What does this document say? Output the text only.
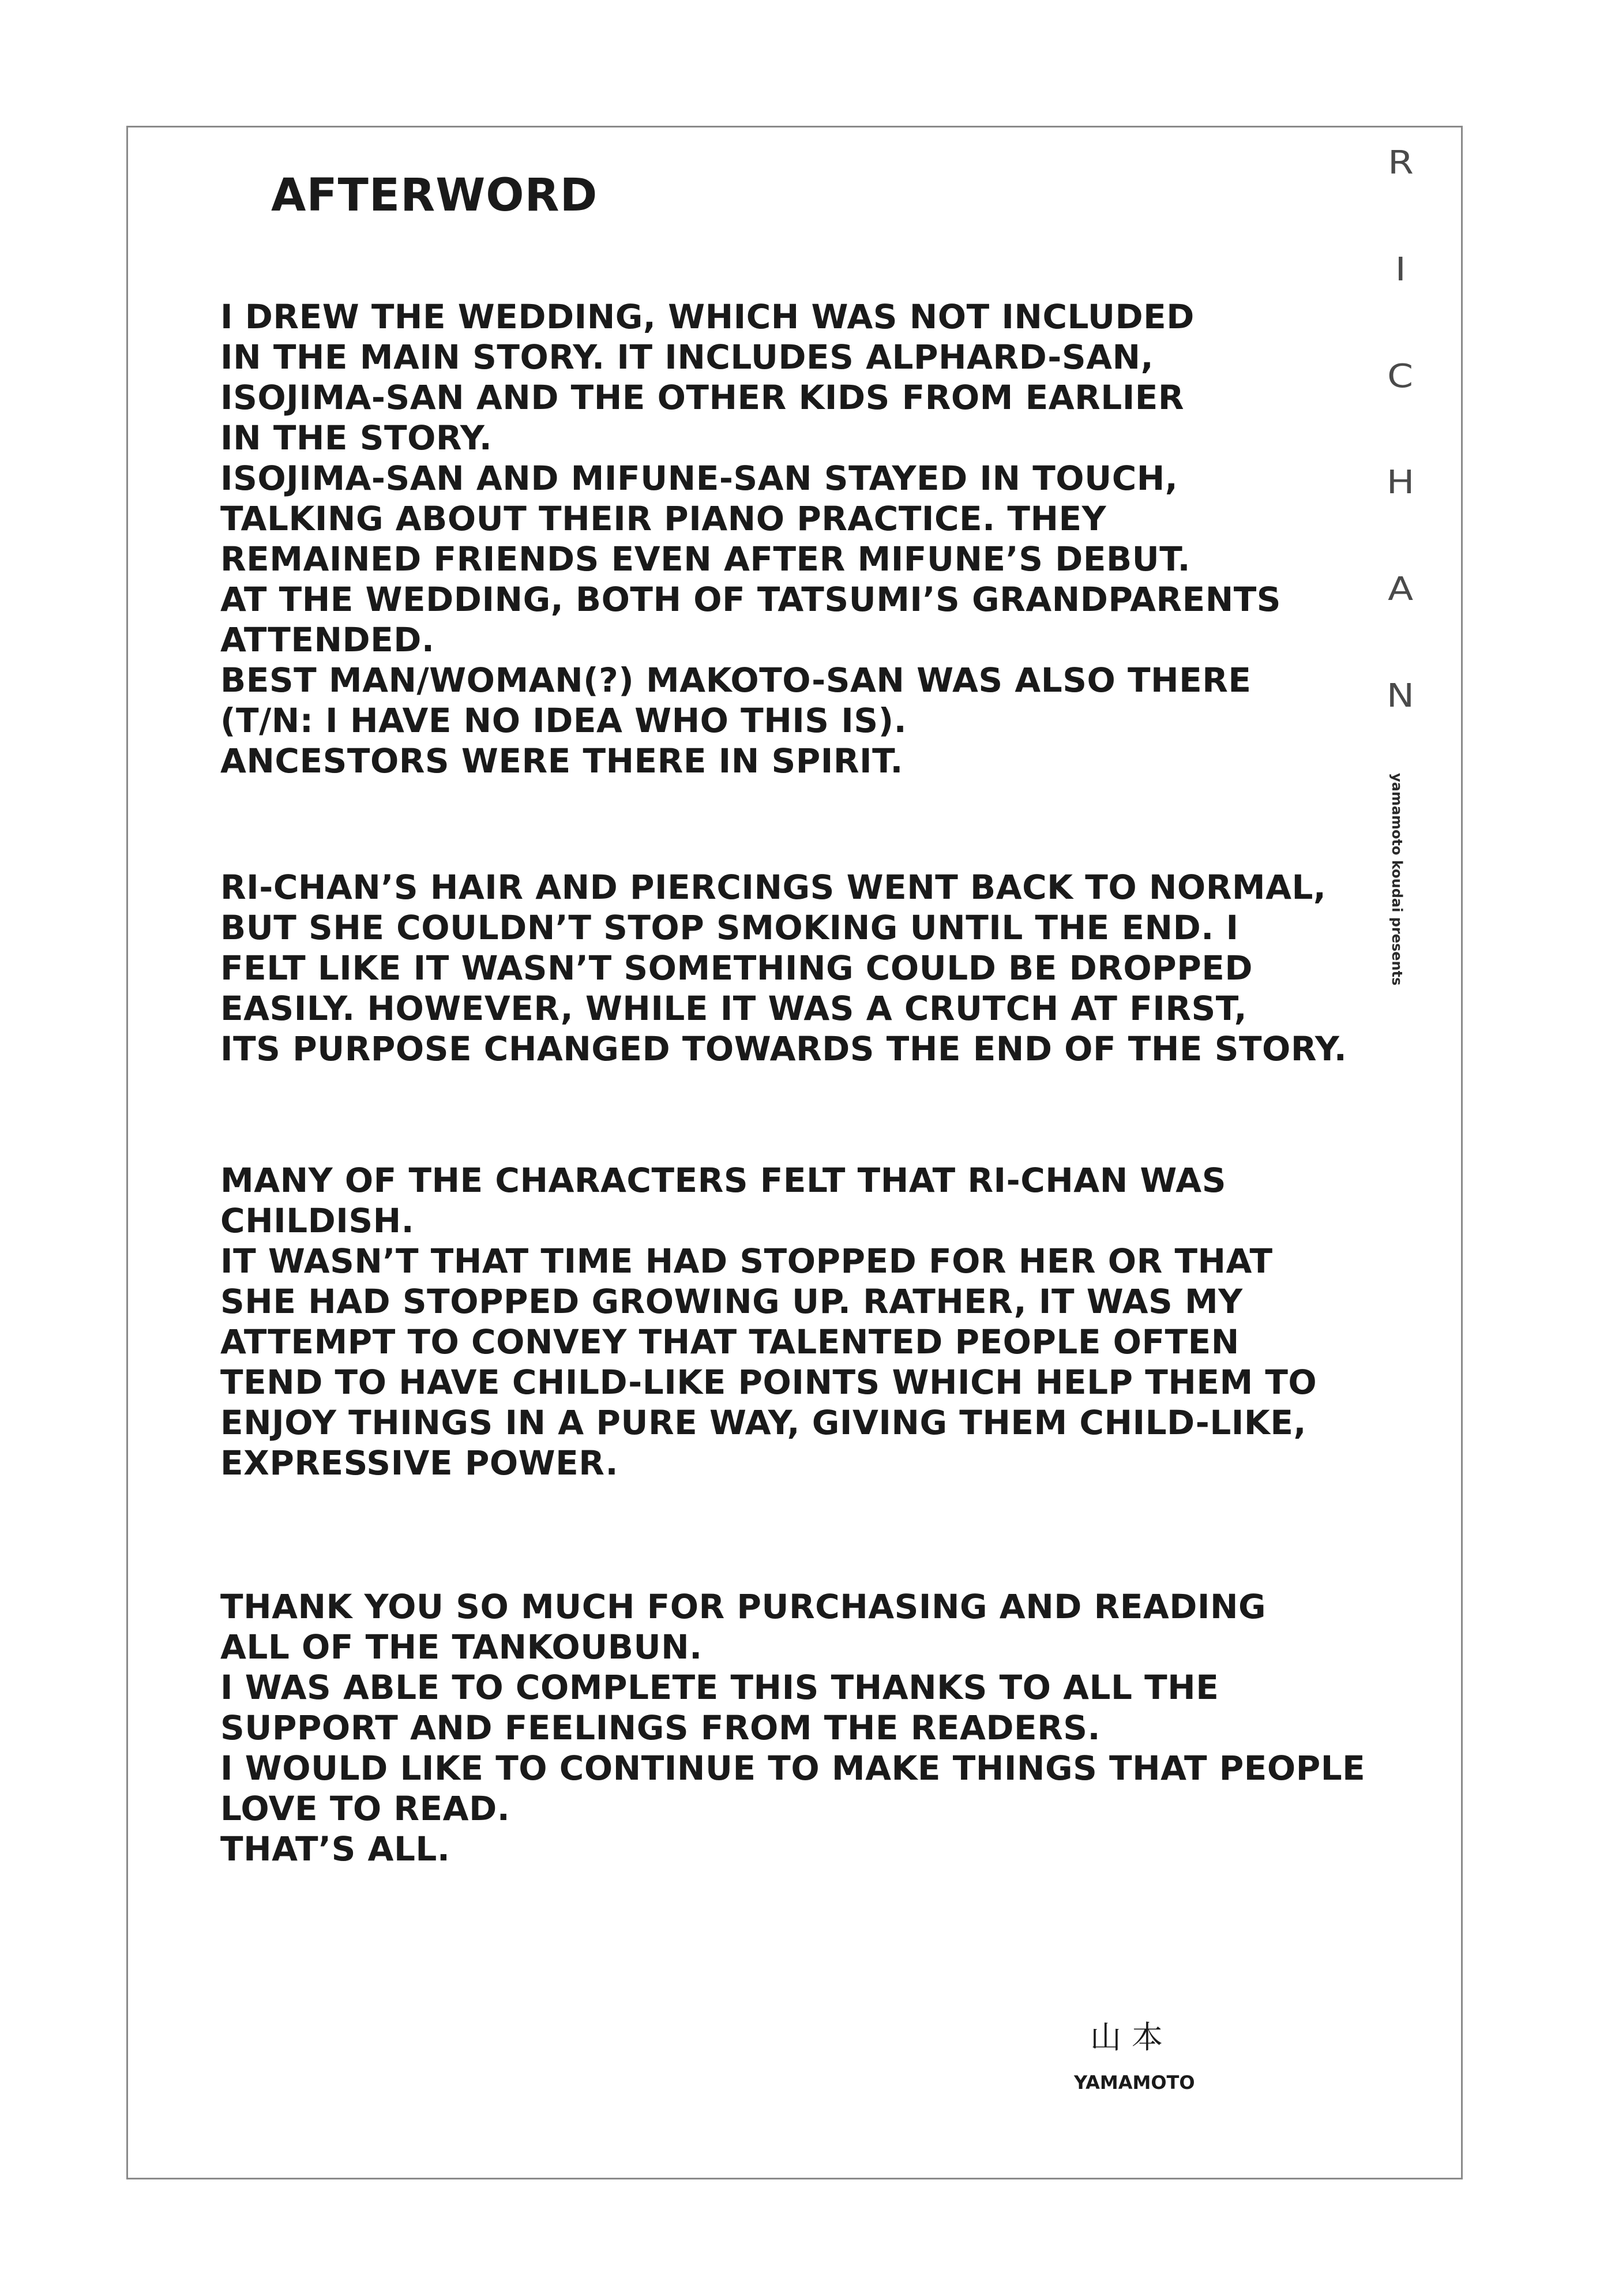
AFTERWORD
I DREW THE WEDDING, WHICH WAS NOT INCLUDED
IN THE MAIN STORY. IT INCLUDES ALPHARD-SAN,
ISOJIMA-SAN AND THE OTHER KIDS FROM EARLIER
IN THE STORY.
ISOJIMA-SAN AND MIFUNE-SAN STAYED IN TOUCH,
TALKING ABOUT THEIR PIANO PRACTICE. THEY
REMAINED FRIENDS EVEN AFTER MIFUNE’S DEBUT.
AT THE WEDDING, BOTH OF TATSUMI’S GRANDPARENTS
ATTENDED.
BEST MAN/WOMAN(?) MAKOTO-SAN WAS ALSO THERE
(T/N: I HAVE NO IDEA WHO THIS IS).
ANCESTORS WERE THERE IN SPIRIT.
RI-CHAN’S HAIR AND PIERCINGS WENT BACK TO NORMAL,
BUT SHE COULDN’T STOP SMOKING UNTIL THE END. I
FELT LIKE IT WASN’T SOMETHING COULD BE DROPPED
EASILY. HOWEVER, WHILE IT WAS A CRUTCH AT FIRST,
ITS PURPOSE CHANGED TOWARDS THE END OF THE STORY.
MANY OF THE CHARACTERS FELT THAT RI-CHAN WAS
CHILDISH.
IT WASN’T THAT TIME HAD STOPPED FOR HER OR THAT
SHE HAD STOPPED GROWING UP. RATHER, IT WAS MY
ATTEMPT TO CONVEY THAT TALENTED PEOPLE OFTEN
TEND TO HAVE CHILD-LIKE POINTS WHICH HELP THEM TO
ENJOY THINGS IN A PURE WAY, GIVING THEM CHILD-LIKE,
EXPRESSIVE POWER.
THANK YOU SO MUCH FOR PURCHASING AND READING
ALL OF THE TANKOUBUN.
I WAS ABLE TO COMPLETE THIS THANKS TO ALL THE
SUPPORT AND FEELINGS FROM THE READERS.
I WOULD LIKE TO CONTINUE TO MAKE THINGS THAT PEOPLE
LOVE TO READ.
THAT’S ALL.
R
I
C
H
A
N
yamamoto koudai presents
山本
YAMAMOTO
